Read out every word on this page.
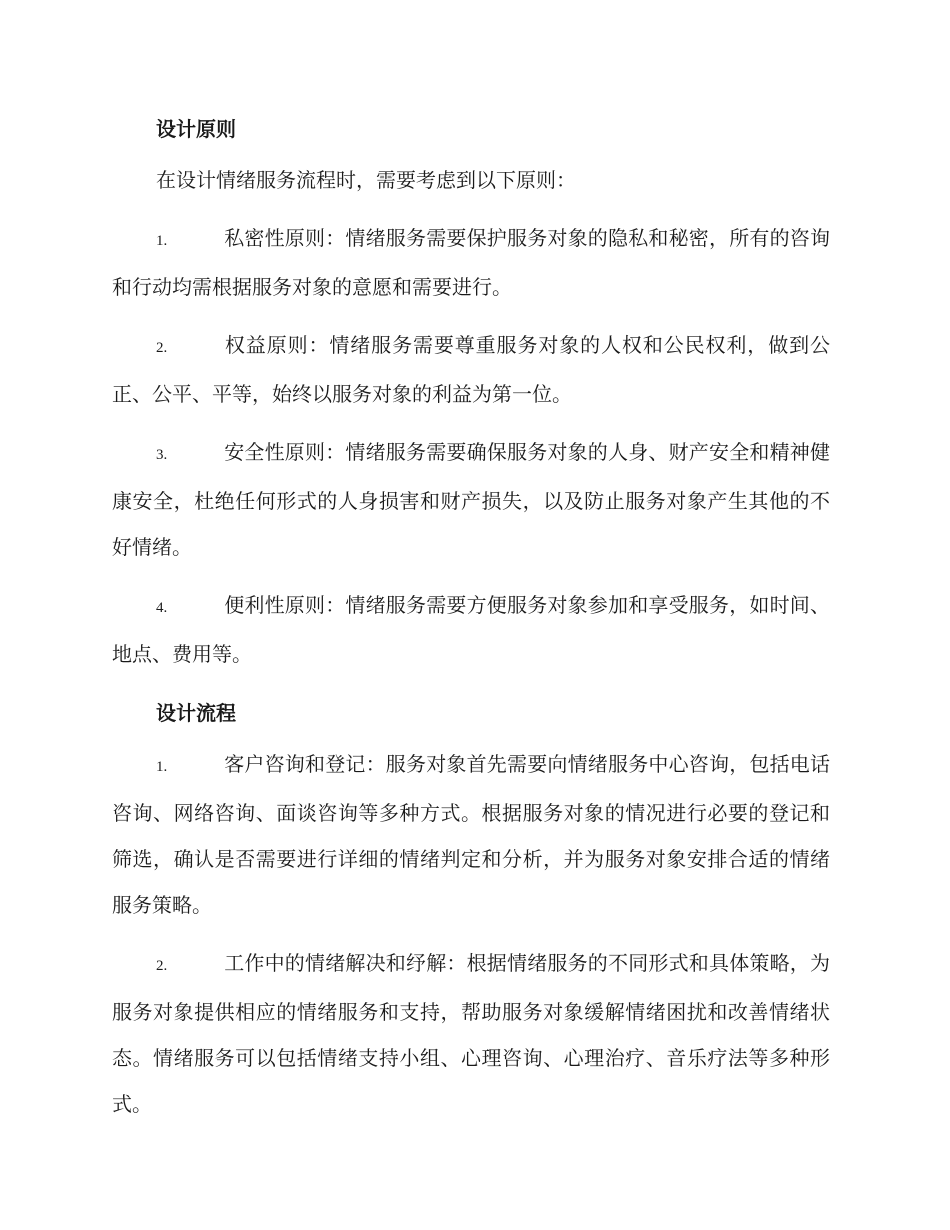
设计原则

在设计情绪服务流程时，需要考虑到以下原则：

1.	私密性原则：情绪服务需要保护服务对象的隐私和秘密，所有的咨询和行动均需根据服务对象的意愿和需要进行。

2.	权益原则：情绪服务需要尊重服务对象的人权和公民权利，做到公正、公平、平等，始终以服务对象的利益为第一位。

3.	安全性原则：情绪服务需要确保服务对象的人身、财产安全和精神健康安全，杜绝任何形式的人身损害和财产损失，以及防止服务对象产生其他的不好情绪。

4.	便利性原则：情绪服务需要方便服务对象参加和享受服务，如时间、地点、费用等。

设计流程

1.	客户咨询和登记：服务对象首先需要向情绪服务中心咨询，包括电话咨询、网络咨询、面谈咨询等多种方式。根据服务对象的情况进行必要的登记和筛选，确认是否需要进行详细的情绪判定和分析，并为服务对象安排合适的情绪服务策略。

2.	工作中的情绪解决和纾解：根据情绪服务的不同形式和具体策略，为服务对象提供相应的情绪服务和支持，帮助服务对象缓解情绪困扰和改善情绪状态。情绪服务可以包括情绪支持小组、心理咨询、心理治疗、音乐疗法等多种形式。
